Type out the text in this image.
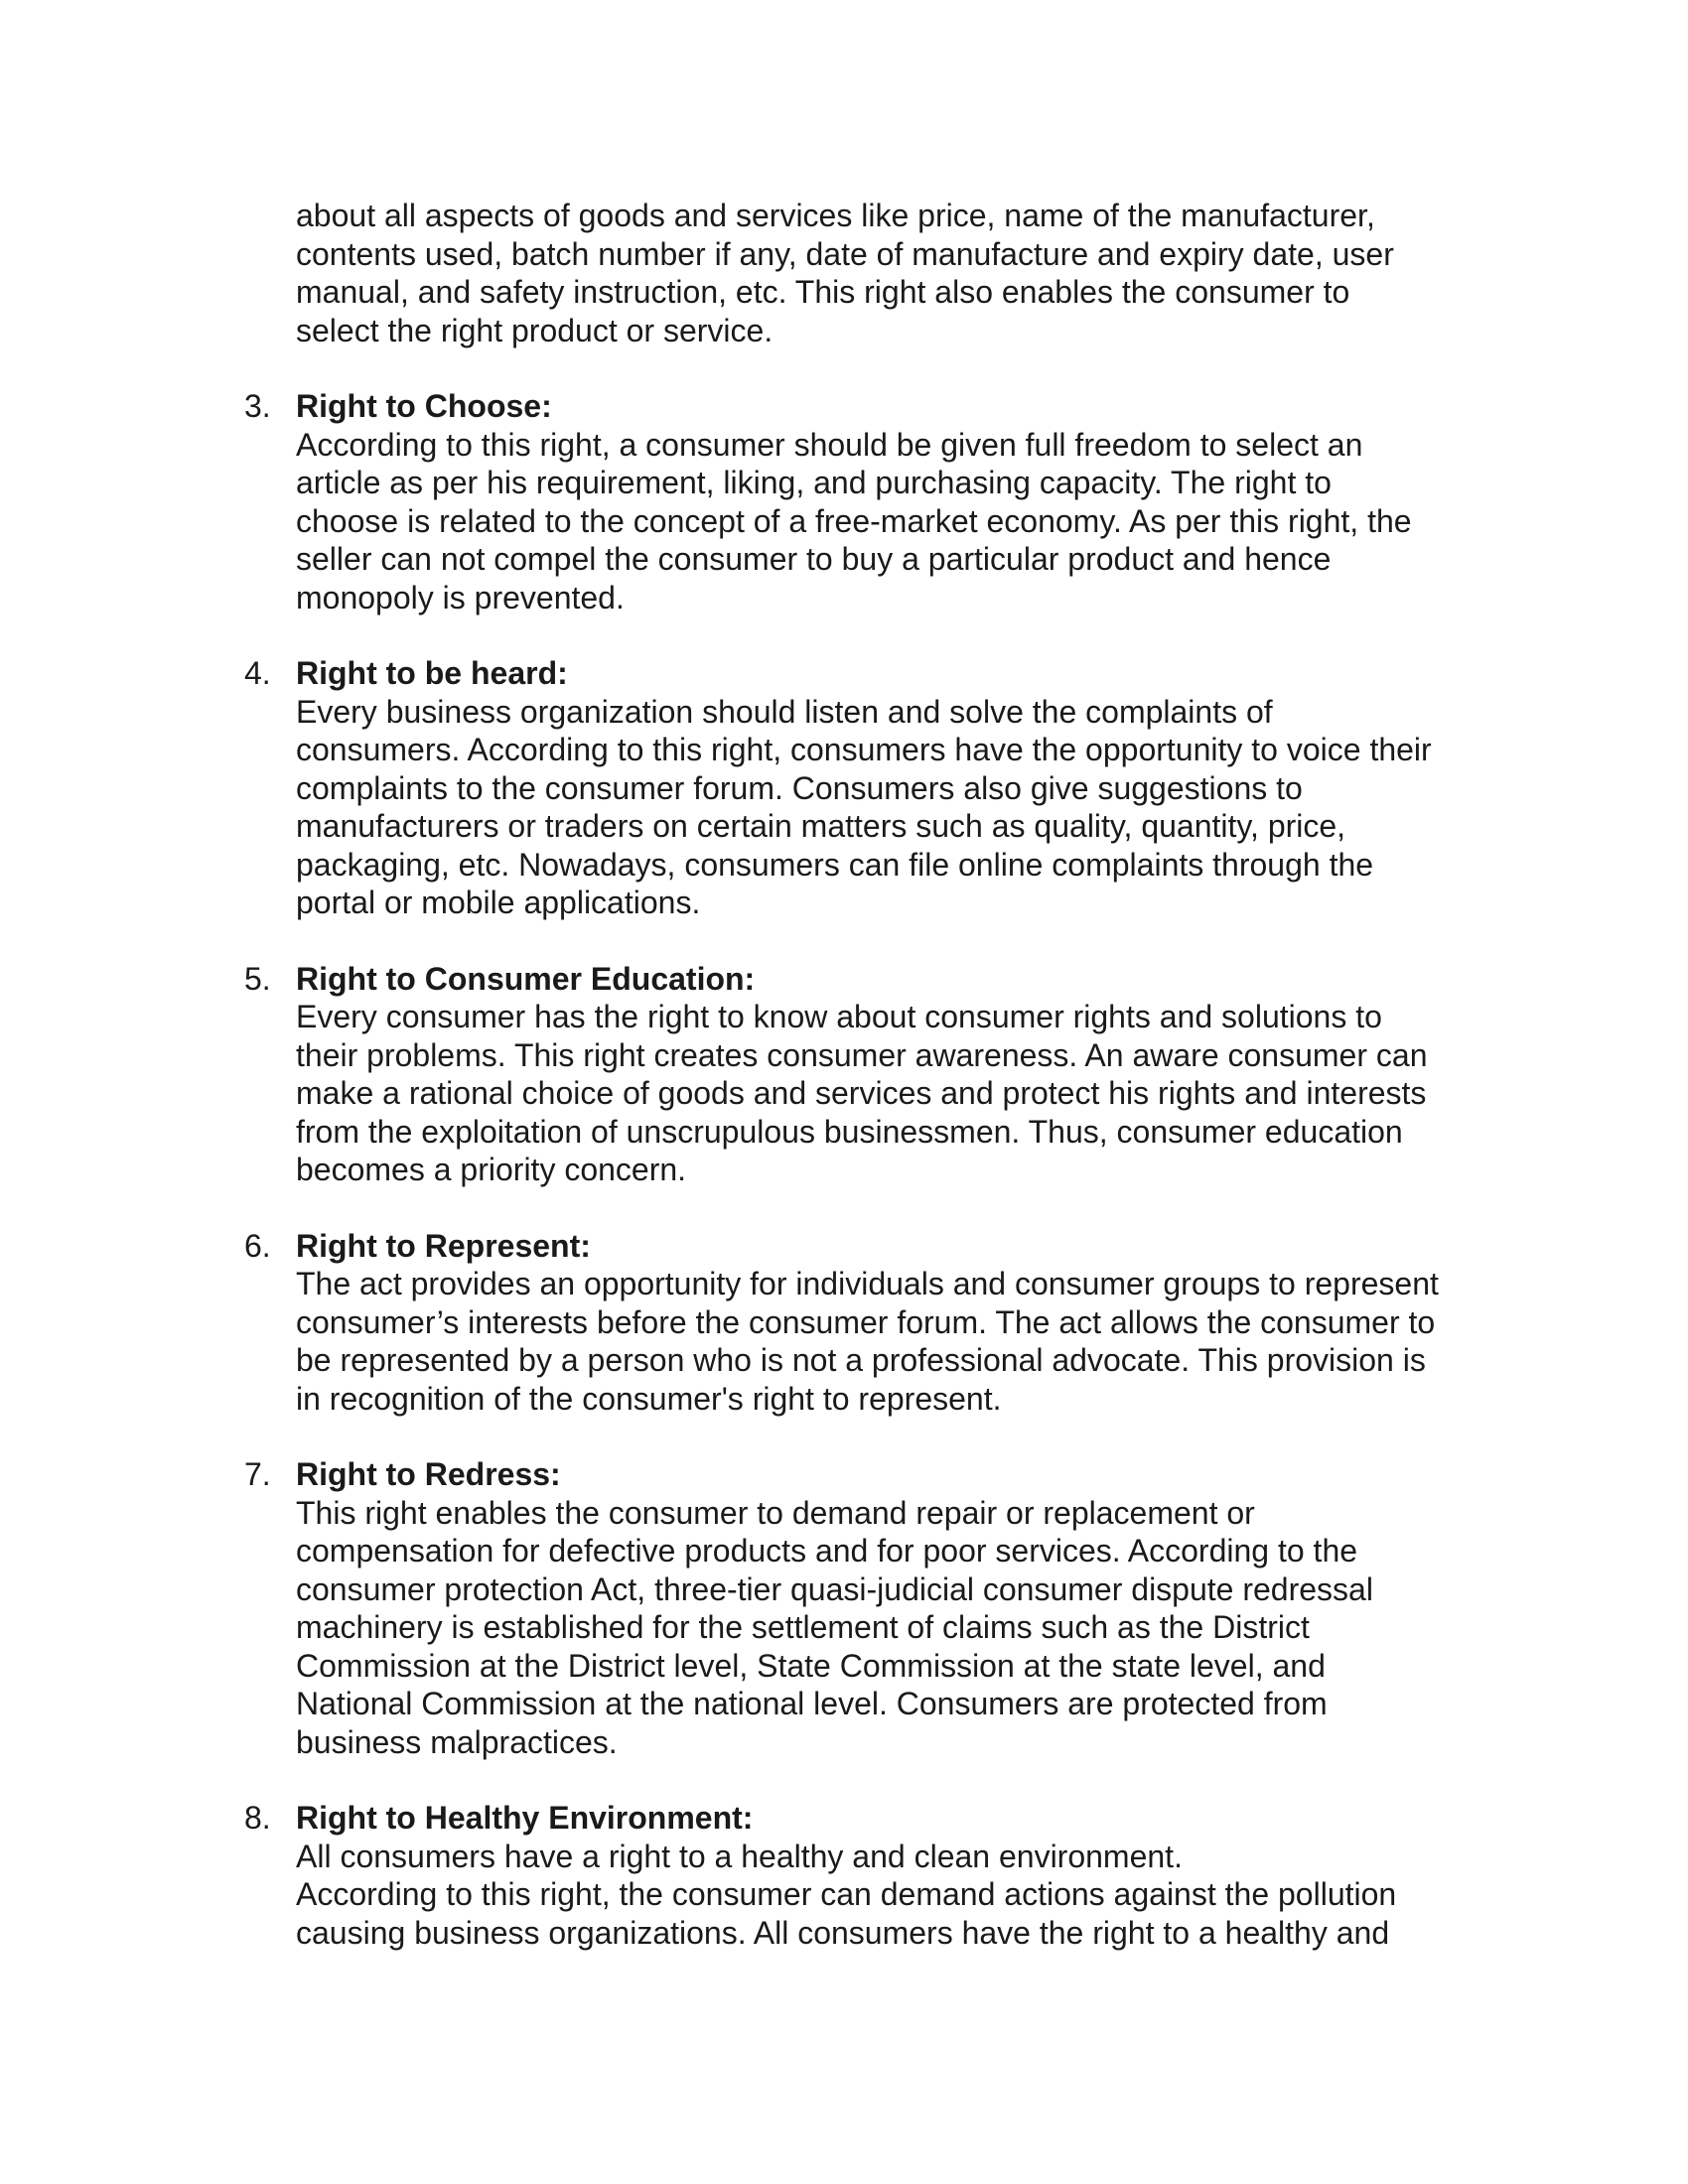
about all aspects of goods and services like price, name of the manufacturer,
contents used, batch number if any, date of manufacture and expiry date, user
manual, and safety instruction, etc. This right also enables the consumer to
select the right product or service.

3. Right to Choose:

According to this right, a consumer should be given full freedom to select an
article as per his requirement, liking, and purchasing capacity. The right to
choose is related to the concept of a free-market economy. As per this right, the
seller can not compel the consumer to buy a particular product and hence
monopoly is prevented.

4. Right to be heard:

Every business organization should listen and solve the complaints of
consumers. According to this right, consumers have the opportunity to voice their
complaints to the consumer forum. Consumers also give suggestions to
manufacturers or traders on certain matters such as quality, quantity, price,
packaging, etc. Nowadays, consumers can file online complaints through the
portal or mobile applications.

5. Right to Consumer Education:

Every consumer has the right to know about consumer rights and solutions to
their problems. This right creates consumer awareness. An aware consumer can
make a rational choice of goods and services and protect his rights and interests
from the exploitation of unscrupulous businessmen. Thus, consumer education
becomes a priority concern.

6. Right to Represent:

The act provides an opportunity for individuals and consumer groups to represent
consumer’s interests before the consumer forum. The act allows the consumer to
be represented by a person who is not a professional advocate. This provision is
in recognition of the consumer's right to represent.

7. Right to Redress:

This right enables the consumer to demand repair or replacement or
compensation for defective products and for poor services. According to the
consumer protection Act, three-tier quasi-judicial consumer dispute redressal
machinery is established for the settlement of claims such as the District
Commission at the District level, State Commission at the state level, and
National Commission at the national level. Consumers are protected from
business malpractices.

8. Right to Healthy Environment:

All consumers have a right to a healthy and clean environment.
According to this right, the consumer can demand actions against the pollution
causing business organizations. All consumers have the right to a healthy and
